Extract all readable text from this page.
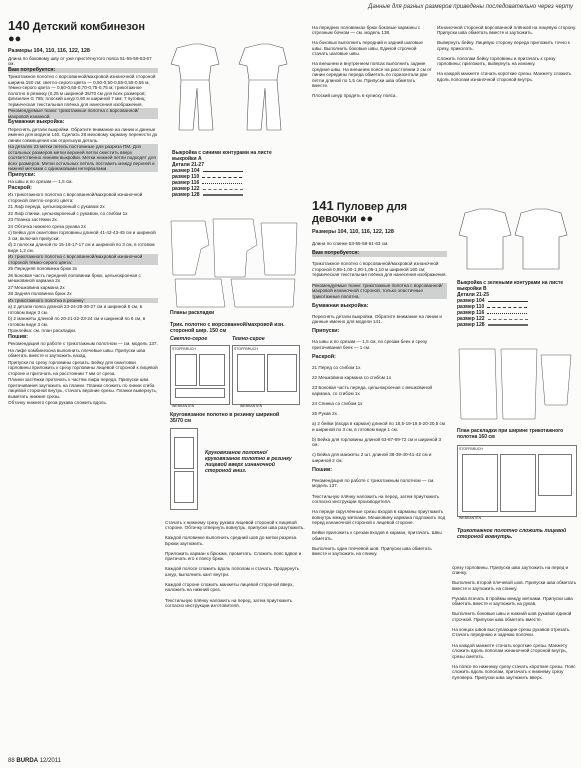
Данные для разных размеров приведены последовательно через черту
140 Детский комбинезон ●●

Размеры 104, 110, 116, 122, 128

Длина по боковому шву от уже пристёгнутого пояса 51-55-59-63-67 см.

Вам потребуется:

Трикотажное полотно с ворсованной/махровой изнаночной стороной ширина 150 см: светло-серого цвета — 0,50-0,50-0,55-0,55-0,55 м, тёмно-серого цвета — 0,60-0,65-0,70-0,75-0,75 м; трикотажное полотно в резинку (0,25 м шириной 35/70 см для всех размеров; флизелин G 785; плоский шнур 0,60 м шириной 7 мм; 7 пуговиц; термическая текстильная плёнка для нанесения изображения.

Рекомендуемые ткани: трикотажные полотна с ворсованной/махровой изнанкой.

Бумажная выкройка:

Переснять детали выкройки. Обратите внимание на линии и данные именно для модели 140. Сделать 28 меховому карману перенести до линии совмещения как отдельную деталь.

На деталях 23 метки петель постоянные для разреза ПМ. Для остальных размеров метки верхней петли сместить вверх соответственно линиям выкройки. Метки нижней петли подходят для всех размеров. Метки остальных петель поставить между верхней и нижней метками с одинаковыми интервалами.

Припуски:

На швы и по срезам — 1,5 см.

Раскрой:

Из трикотажного полотна с ворсованной/махровой изнаночной стороной светло-серого цвета:

21 Лиф переда, цельнокроеный с рукавом 2x

22 Лиф спинки, цельнокроеный с рукавом, со сгибом 1x

23 Планка застёжки 2x

24 Обтачка нижнего среза рукава 2x

с) Бейка для окантовки горловины длиной 41-42-43-45 см и шириной 3 см, включая припуски;

d) 2 полоски длиной по 15-16-17-17 см и шириной по 3 см, в готовом виде 1,2 см.

Из трикотажного полотна с ворсованной/махровой изнаночной стороной тёмно-серого цвета:

25 Передняя половинка брюк 2x

26 Боковая часть передней половинки брюк, цельнокроеная с мешковиной кармана 2x

27 Мешковина кармана 2x

28 Задняя половинка брюк 2x

Из трикотажного полотна в резинку:

а) 2 детали пояса длиной 23-24-25-26-27 см и шириной 6 см, в готовом виде 3 см.

b) 2 манжеты длиной по 20-21-22-23-24 см и шириной по 6 см, в готовом виде 3 см.

Проклейка: см. план раскладки.

Пошив:

Рекомендация по работе с трикотажным полотном — см. модель 137.

На лифе комбинезона выполнить плечевые швы. Припуски шва обметать вместе и заутюжить назад.

Припуски по срезу горловины срезать. Бейку для окантовки горловины приложить к срезу горловины лицевой стороной к лицевой стороне и притачать на расстоянии 7 мм от среза.

Планки застёжки притачать к частям лифа переда. Припуски шва притачивания заутюжить на планки. Планки сложить по линии сгиба лицевой стороной внутрь, стачать верхние срезы. Планки вывернуть, выметать нижние срезы.

Обтачку нижнего среза рукава сложить вдоль.

Выкройка с синими контурами на листе выкройки А
Детали 21-27
размер 104
размер 110
размер 116
размер 122
размер 128
Планы раскладки
Трик. полотно с ворсованной/махровой изн. стороной шир. 150 см
Светло-серое	Темно-серое
STOFFBRUCH	STOFFBRUCH
WEBKANTEN	WEBKANTEN
Круговязаное полотно в резинку шириной 35/70 см
Круговязаное полотно/ круговязаное полотно в резинку лицевой вверх изнаночной стороной вниз.

Стачать к нижнему срезу рукава лицевой стороной к лицевой стороне. Обтачку отвернуть вовнутрь, припуски шва разутюжить.

Каждой половинке выполнить средний шов до метки разреза. Брюки заутюжить.

Приложить карман к брюкам, прометать. Сложить пояс вдвое и притачать его к поясу брюк.

Каждой полосе сложить вдоль пополам и стачать. Продернуть шнур, выполнить кант внутри.

Каждой стороне сложить манжеты лицевой стороной вверх, наложить на нижний срез.

Текстильную плёнку наложить на перед, затем приутюжить согласно инструкции изготовителя.

На передних половинках брюк боковые карманы с отрезным бочком — см. модель 138.

На боковых выполнить передний и задний шаговые швы. Выполнить боковые швы. Единой строчкой стачать шаговые швы.

На внешнем и внутреннем поясах выполнить задние средние швы. На внешнем поясе на расстоянии 2 см от линии середины переда обметать по горизонтали две петли длиной по 1,5 см. Припуски шва обметать вместе.

Плоский шнур продеть в кулиску пояса.

Изнаночной стороной ворсованной плёнкой на лицевую сторону. Припуски шва обметать вместе и заутюжить.

Вывернуть бейку. Лицевую сторону переда приложить точно к срезу, приколоть.

Сложить пополам бейку горловины и притачать к срезу горловины; приложить, вывернуть на изнанку.

На каждой манжете стачать короткие срезы. Манжету сложить вдоль пополам изнаночной стороной внутрь.

141 Пуловер для девочки ●●

Размеры 104, 110, 116, 122, 128

Длина по спинке 53-55-58-61-63 см.

Вам потребуется:

Трикотажное полотно с ворсованной/махровой изнаночной стороной 0,95-1,00-1,00-1,05-1,10 м шириной 160 см; термическая текстильная плёнка для нанесения изображения.

Рекомендуемые ткани: трикотажные полотна с ворсованной/махровой изнаночной стороной, только эластичные трикотажные полотна.

Бумажная выкройка:

Переснять детали выкройки. Обратите внимание на линии и данные именно для модели 141.

Припуски:

На швы и по срезам — 1,5 см, по срезам беек и срезу притачивания беек — 1 см.

Раскрой:

21 Перед со сгибом 1x

22 Мешковина кармана со сгибом 1x

23 Боковая часть переда, цельнокроеная с мешковиной кармана, со сгибом 1x

24 Спинка со сгибом 1x

25 Рукав 2x

а) 2 бейки (входа в карман) длиной по 18,5-19-19,5-20-20,5 см и шириной по 3 см, в готовом виде 1 см.

b) Бейка для горловины длиной 63-67-69-72 см и шириной 3 см.

с) Бейка для манжеты 2 шт. длиной 38-39-40-41-42 см и шириной 2 см.

Пошив:

Рекомендация по работе с трикотажным полотном — см. модель 137.

Текстильную плёнку наложить на перед, затем приутюжить согласно инструкции производителя.

На переде скруглённые срезы входов в карманы приутюжить вовнутрь между метками. Мешковину кармана подложить под перед изнаночной стороной к лицевой стороне.

Бейки приложить к срезам входов в карман, притачать. Швы обметать.

Выполнить один плечевой шов. Припуски шва обметать вместе и заутюжить на спинку.

Выкройка с зелеными контурами на листе выкройки В
Детали 21-25
размер 104
размер 110
размер 116
размер 122
размер 128
План раскладки при ширине трикотажного полотна 160 см
STOFFBRUCH
WEBKANTEN
Трикотажное полотно сложить лицевой стороной вовнутрь.

срезу горловины. Припуски шва заутюжить на перед и спинку.

Выполнить второй плечевой шов. Припуски шва обметать вместе и заутюжить на спинку.

Рукава втачать в проймы между метками. Припуски шва обметать вместе и заутюжить на рукав.

Выполнить боковые швы и нижний шов рукавов единой строчкой. Припуски шва обметать вместе.

На концах швов выступающие срезы рукавов отрезать. Стачать переднюю и заднюю полочки.

На каждой манжете стачать короткие срезы. Манжету сложить вдоль пополам изнаночной стороной внутрь, срезы сметать.

На поясе по нижнему срезу стачать короткие срезы. Пояс сложить вдоль пополам, притачать к нижнему срезу пуловера. Припуски шва заутюжить вверх.

88 BURDA 12/2011
